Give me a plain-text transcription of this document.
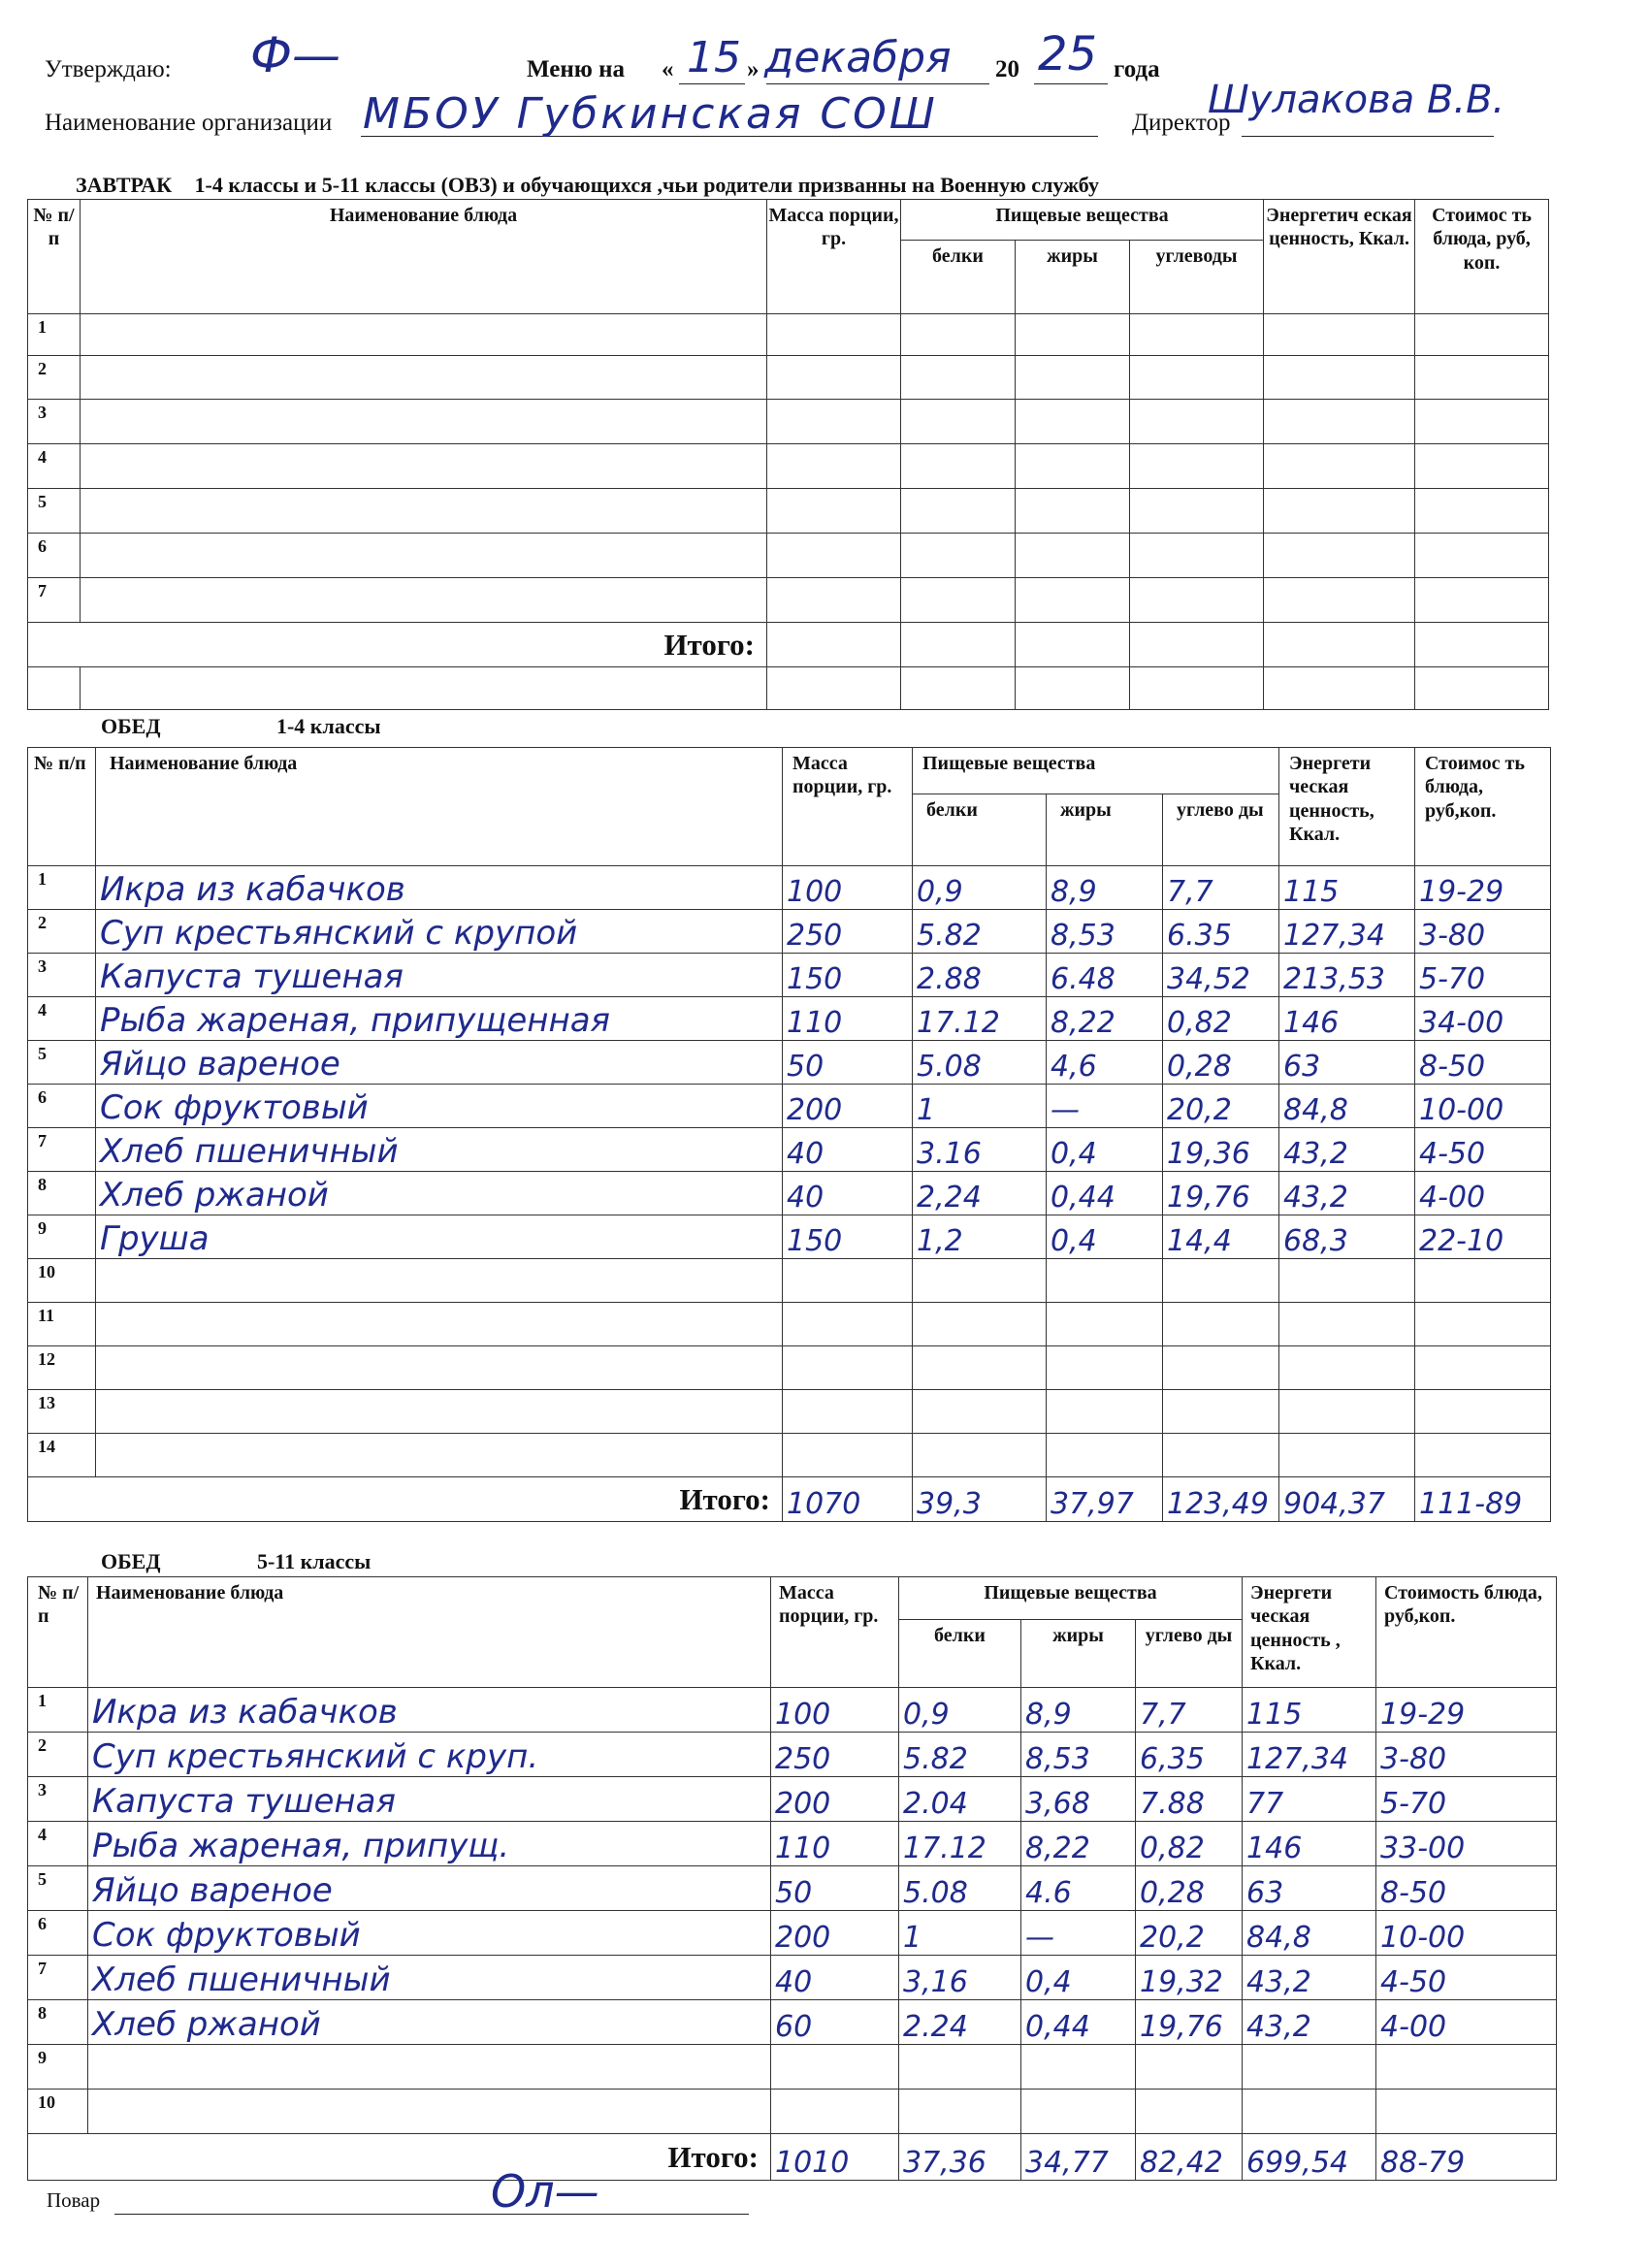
Утверждаю: Ф—	Меню на « 15 » декабря 20 25 года
Наименование организации МБОУ Губкинская СОШ	Директор
Шулакова В.В.
ЗАВТРАК 1-4 классы и 5-11 классы (ОВЗ) и обучающихся ,чьи родители призванны на Военную службу
№ п/ п	Наименование блюда	Масса порции, гр.	Пищевые вещества			Энергетич еская ценность, Ккал.	Стоимос ть блюда, руб, коп.
			белки	жиры	углеводы		
1							
2							
3							
4							
5							
6							
7							
Итого:							

ОБЕД	1-4 классы
№ п/п	Наименование блюда	Масса порции, гр.	Пищевые вещества			Энергети ческая ценность, Ккал.	Стоимос ть блюда, руб,коп.
			белки	жиры	углево ды		
1	Икра из кабачков	100	0,9	8,9	7,7	115	19-29
2	Суп крестьянский с крупой	250	5.82	8,53	6.35	127,34	3-80
3	Капуста тушеная	150	2.88	6.48	34,52	213,53	5-70
4	Рыба жареная, припущенная	110	17.12	8,22	0,82	146	34-00
5	Яйцо вареное	50	5.08	4,6	0,28	63	8-50
6	Сок фруктовый	200	1	—	20,2	84,8	10-00
7	Хлеб пшеничный	40	3.16	0,4	19,36	43,2	4-50
8	Хлеб ржаной	40	2,24	0,44	19,76	43,2	4-00
9	Груша	150	1,2	0,4	14,4	68,3	22-10
10							
11							
12							
13							
14							
Итого:		1070	39,3	37,97	123,49	904,37	111-89
ОБЕД	5-11 классы
№ п/ п	Наименование блюда	Масса порции, гр.	Пищевые вещества			Энергети ческая ценность , Ккал.	Стоимость блюда, руб,коп.
			белки	жиры	углево ды		
1	Икра из кабачков	100	0,9	8,9	7,7	115	19-29
2	Суп крестьянский с круп.	250	5.82	8,53	6,35	127,34	3-80
3	Капуста тушеная	200	2.04	3,68	7.88	77	5-70
4	Рыба жареная, припущ.	110	17.12	8,22	0,82	146	33-00
5	Яйцо вареное	50	5.08	4.6	0,28	63	8-50
6	Сок фруктовый	200	1	—	20,2	84,8	10-00
7	Хлеб пшеничный	40	3,16	0,4	19,32	43,2	4-50
8	Хлеб ржаной	60	2.24	0,44	19,76	43,2	4-00
9							
10							
Итого:		1010	37,36	34,77	82,42	699,54	88-79
Повар	Ол—
